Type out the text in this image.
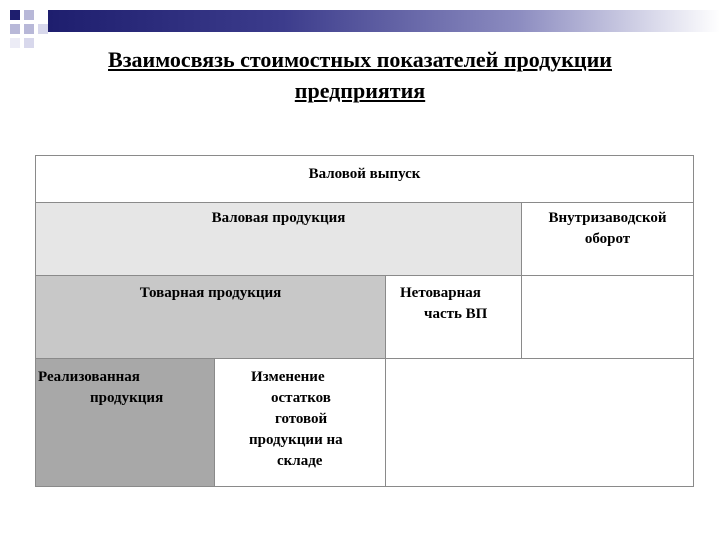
Взаимосвязь стоимостных показателей продукции
предприятия
Валовой выпуск
Валовая продукция	Внутризаводской
оборот
Товарная продукция	Нетоварная
часть ВП
Реализованная
продукция
Изменение
остатков
готовой
продукции на
складе
